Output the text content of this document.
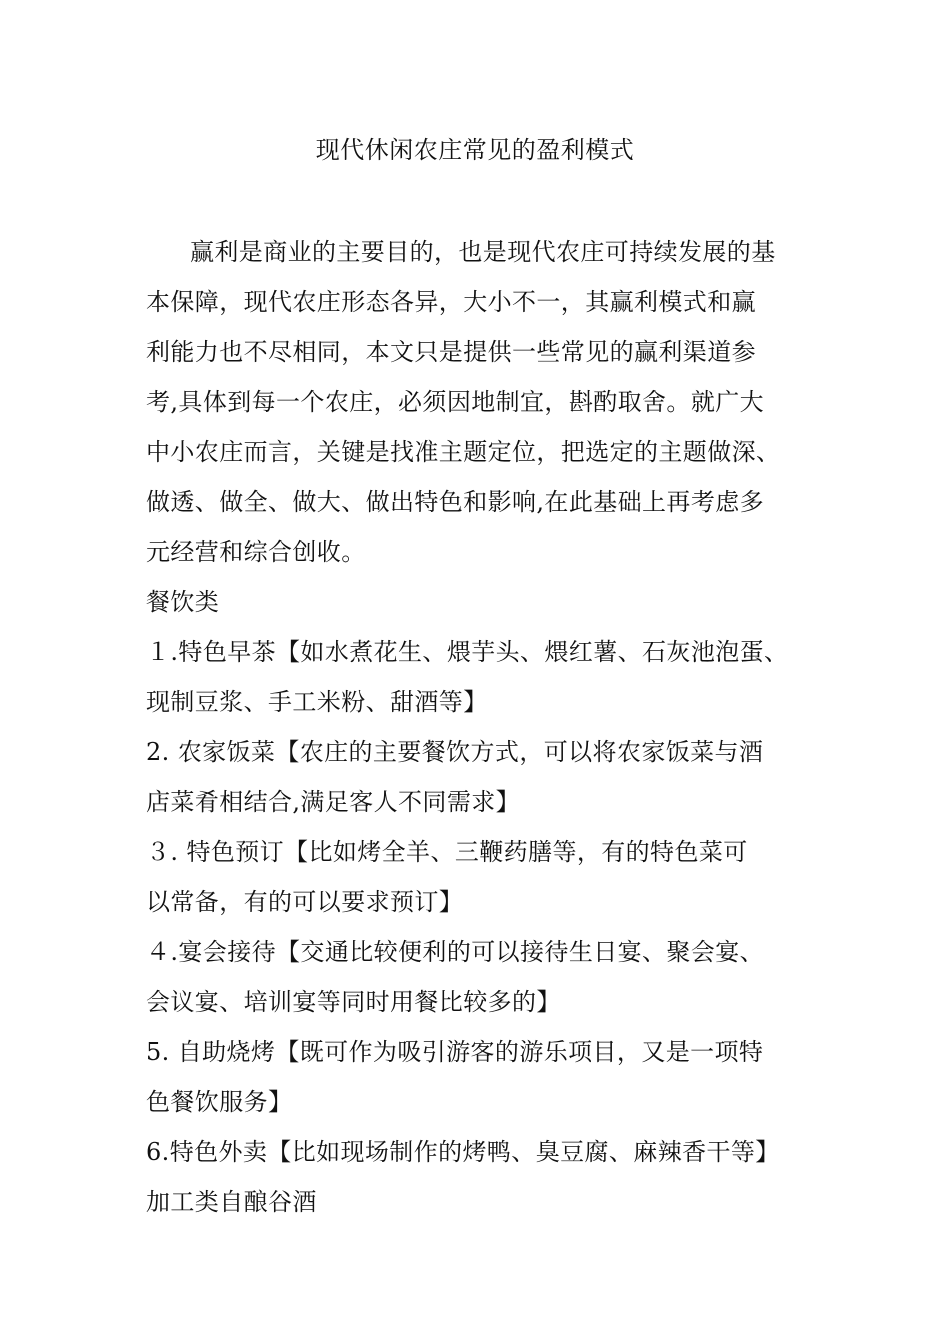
现代休闲农庄常见的盈利模式
赢利是商业的主要目的，也是现代农庄可持续发展的基
本保障，现代农庄形态各异，大小不一，其赢利模式和赢
利能力也不尽相同，本文只是提供一些常见的赢利渠道参
考,具体到每一个农庄，必须因地制宜，斟酌取舍。就广大
中小农庄而言，关键是找准主题定位，把选定的主题做深、
做透、做全、做大、做出特色和影响,在此基础上再考虑多
元经营和综合创收。
餐饮类
１.特色早茶【如水煮花生、煨芋头、煨红薯、石灰池泡蛋、
现制豆浆、手工米粉、甜酒等】
2. 农家饭菜【农庄的主要餐饮方式，可以将农家饭菜与酒
店菜肴相结合,满足客人不同需求】
３. 特色预订【比如烤全羊、三鞭药膳等，有的特色菜可
以常备，有的可以要求预订】
４.宴会接待【交通比较便利的可以接待生日宴、聚会宴、
会议宴、培训宴等同时用餐比较多的】
5. 自助烧烤【既可作为吸引游客的游乐项目，又是一项特
色餐饮服务】
6.特色外卖【比如现场制作的烤鸭、臭豆腐、麻辣香干等】
加工类自酿谷酒
